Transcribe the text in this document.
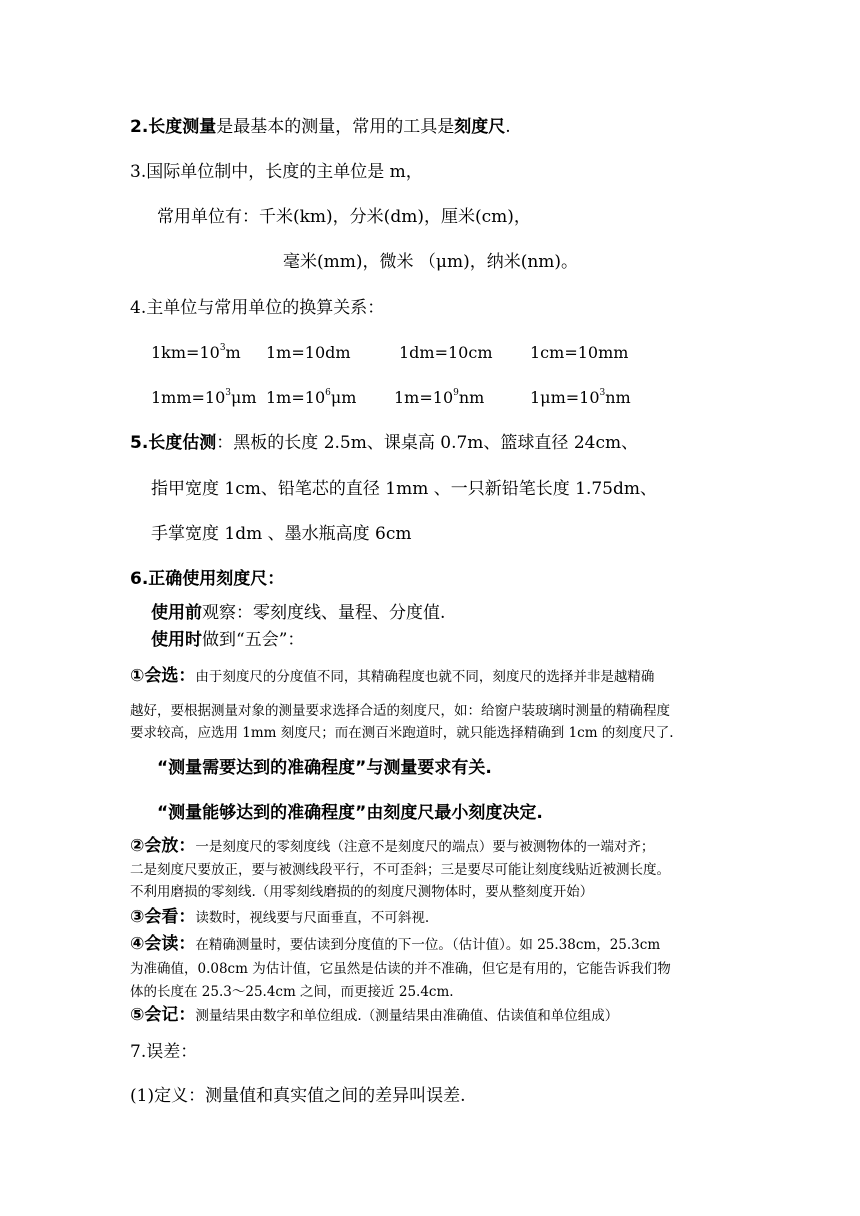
2.长度测量是最基本的测量，常用的工具是刻度尺.
3.国际单位制中，长度的主单位是 m，
常用单位有：千米(km)，分米(dm)，厘米(cm)，
毫米(mm)，微米 （μm)，纳米(nm)。
4.主单位与常用单位的换算关系：
$1km=10^3m$ 1m=10dm	1dm=10cm 1cm=10mm
$1mm=10^3\mu m$ $1m=10^6\mu m$ $1m=10^9nm$	$1\mu m=10^3nm$
5.长度估测：黑板的长度 2.5m、课桌高 0.7m、篮球直径 24cm、
指甲宽度 1cm、铅笔芯的直径 1mm 、一只新铅笔长度 1.75dm、
手掌宽度 1dm 、墨水瓶高度 6cm
6.正确使用刻度尺：
使用前观察：零刻度线、量程、分度值.
使用时做到“五会”：
①会选：由于刻度尺的分度值不同，其精确程度也就不同，刻度尺的选择并非是越精确
越好，要根据测量对象的测量要求选择合适的刻度尺，如：给窗户装玻璃时测量的精确程度
要求较高，应选用 1mm 刻度尺；而在测百米跑道时，就只能选择精确到 1cm 的刻度尺了.
“测量需要达到的准确程度”与测量要求有关.
“测量能够达到的准确程度”由刻度尺最小刻度决定.
②会放：一是刻度尺的零刻度线（注意不是刻度尺的端点）要与被测物体的一端对齐；
二是刻度尺要放正，要与被测线段平行，不可歪斜；三是要尽可能让刻度线贴近被测长度。
不利用磨损的零刻线.（用零刻线磨损的的刻度尺测物体时，要从整刻度开始）
③会看：读数时，视线要与尺面垂直，不可斜视.
④会读：在精确测量时，要估读到分度值的下一位。（估计值）。如 25.38cm，25.3cm
为准确值，0.08cm 为估计值，它虽然是估读的并不准确，但它是有用的，它能告诉我们物
体的长度在 25.3～25.4cm 之间，而更接近 25.4cm.
⑤会记：测量结果由数字和单位组成.（测量结果由准确值、估读值和单位组成）
7.误差：
(1)定义：测量值和真实值之间的差异叫误差.
